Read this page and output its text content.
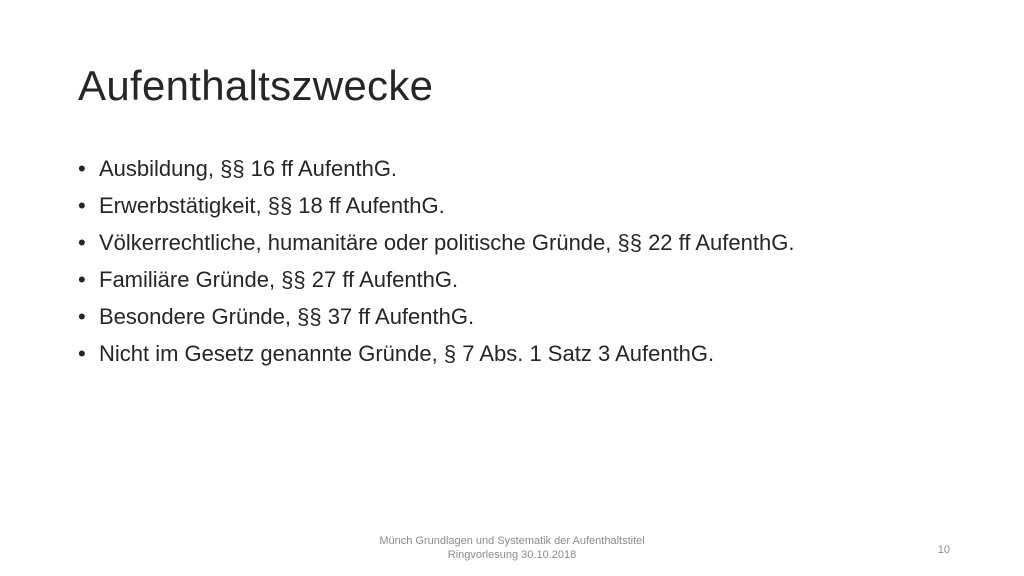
Aufenthaltszwecke
• Ausbildung, §§ 16 ff AufenthG.
• Erwerbstätigkeit, §§ 18 ff AufenthG.
• Völkerrechtliche, humanitäre oder politische Gründe, §§ 22 ff AufenthG.
• Familiäre Gründe, §§ 27 ff AufenthG.
• Besondere Gründe, §§ 37 ff AufenthG.
• Nicht im Gesetz genannte Gründe, § 7 Abs. 1 Satz 3 AufenthG.
Münch Grundlagen und Systematik der Aufenthaltstitel
Ringvorlesung 30.10.2018	10
